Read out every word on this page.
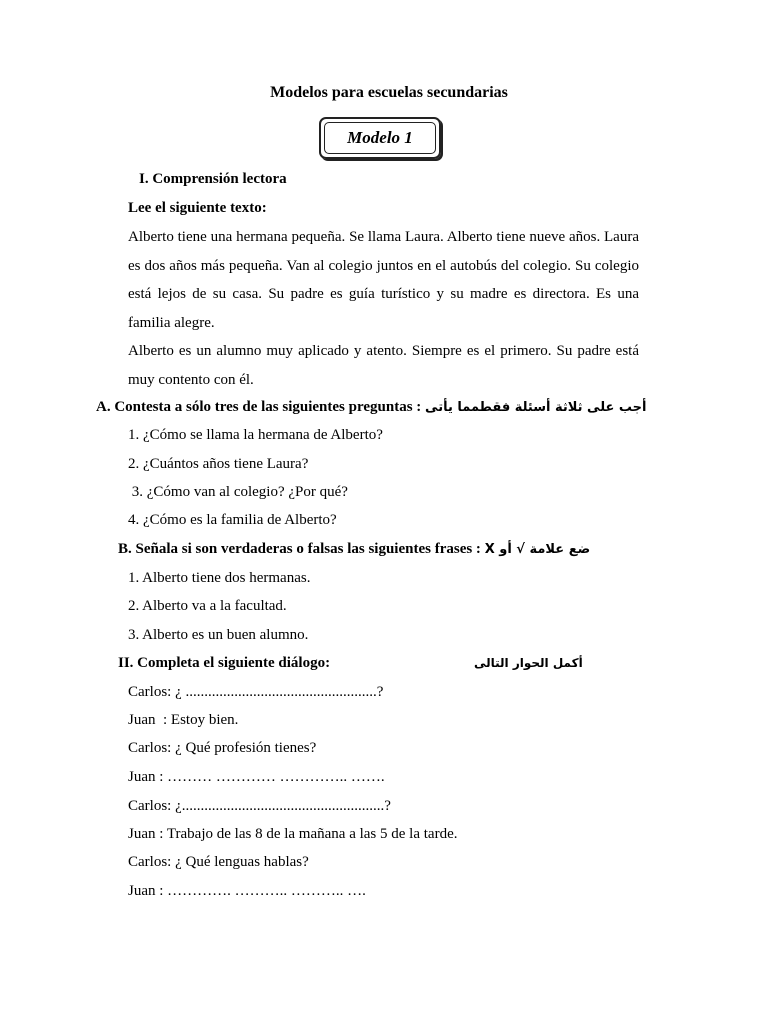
Modelos para escuelas secundarias
Modelo 1
I. Comprensión lectora
Lee el siguiente texto:
Alberto tiene una hermana pequeña. Se llama Laura. Alberto tiene nueve años. Laura es dos años más pequeña. Van al colegio juntos en el autobús del colegio. Su colegio está lejos de su casa. Su padre es guía turístico y su madre es directora. Es una familia alegre.
Alberto es un alumno muy aplicado y atento. Siempre es el primero. Su padre está muy contento con él.
A. Contesta a sólo tres de las siguientes preguntas : أجب على ثلاثة أسئلة فقطمما يأتى
1. ¿Cómo se llama la hermana de Alberto?
2. ¿Cuántos años tiene Laura?
3. ¿Cómo van al colegio? ¿Por qué?
4. ¿Cómo es la familia de Alberto?
B. Señala si son verdaderas o falsas las siguientes frases : ضع علامة √ أو X
1. Alberto tiene dos hermanas.
2. Alberto va a la facultad.
3. Alberto es un buen alumno.
II. Completa el siguiente diálogo:	أكمل الحوار التالى
Carlos: ¿ ...................................................?
Juan  : Estoy bien.
Carlos: ¿ Qué profesión tienes?
Juan : ……… ………… ………….. …….
Carlos: ¿......................................................?
Juan : Trabajo de las 8 de la mañana a las 5 de la tarde.
Carlos: ¿ Qué lenguas hablas?
Juan : …………. ……….. ……….. ….
